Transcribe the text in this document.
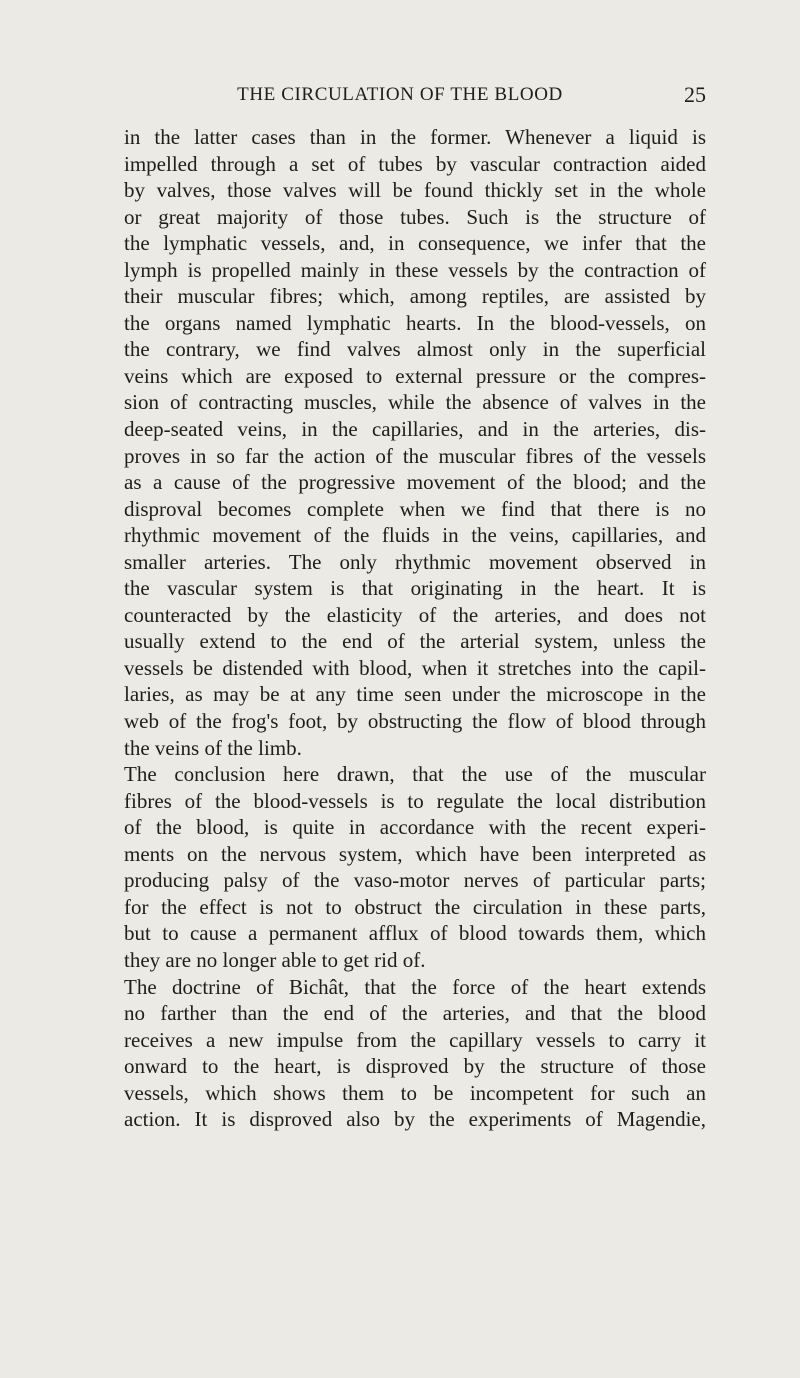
THE CIRCULATION OF THE BLOOD	25
in the latter cases than in the former. Whenever a liquid is
impelled through a set of tubes by vascular contraction aided
by valves, those valves will be found thickly set in the whole
or great majority of those tubes. Such is the structure of
the lymphatic vessels, and, in consequence, we infer that the
lymph is propelled mainly in these vessels by the contraction of
their muscular fibres; which, among reptiles, are assisted by
the organs named lymphatic hearts. In the blood-vessels, on
the contrary, we find valves almost only in the superficial
veins which are exposed to external pressure or the compres-
sion of contracting muscles, while the absence of valves in the
deep-seated veins, in the capillaries, and in the arteries, dis-
proves in so far the action of the muscular fibres of the vessels
as a cause of the progressive movement of the blood; and the
disproval becomes complete when we find that there is no
rhythmic movement of the fluids in the veins, capillaries, and
smaller arteries. The only rhythmic movement observed in
the vascular system is that originating in the heart. It is
counteracted by the elasticity of the arteries, and does not
usually extend to the end of the arterial system, unless the
vessels be distended with blood, when it stretches into the capil-
laries, as may be at any time seen under the microscope in the
web of the frog's foot, by obstructing the flow of blood through
the veins of the limb.
The conclusion here drawn, that the use of the muscular
fibres of the blood-vessels is to regulate the local distribution
of the blood, is quite in accordance with the recent experi-
ments on the nervous system, which have been interpreted as
producing palsy of the vaso-motor nerves of particular parts;
for the effect is not to obstruct the circulation in these parts,
but to cause a permanent afflux of blood towards them, which
they are no longer able to get rid of.
The doctrine of Bichât, that the force of the heart extends
no farther than the end of the arteries, and that the blood
receives a new impulse from the capillary vessels to carry it
onward to the heart, is disproved by the structure of those
vessels, which shows them to be incompetent for such an
action. It is disproved also by the experiments of Magendie,
